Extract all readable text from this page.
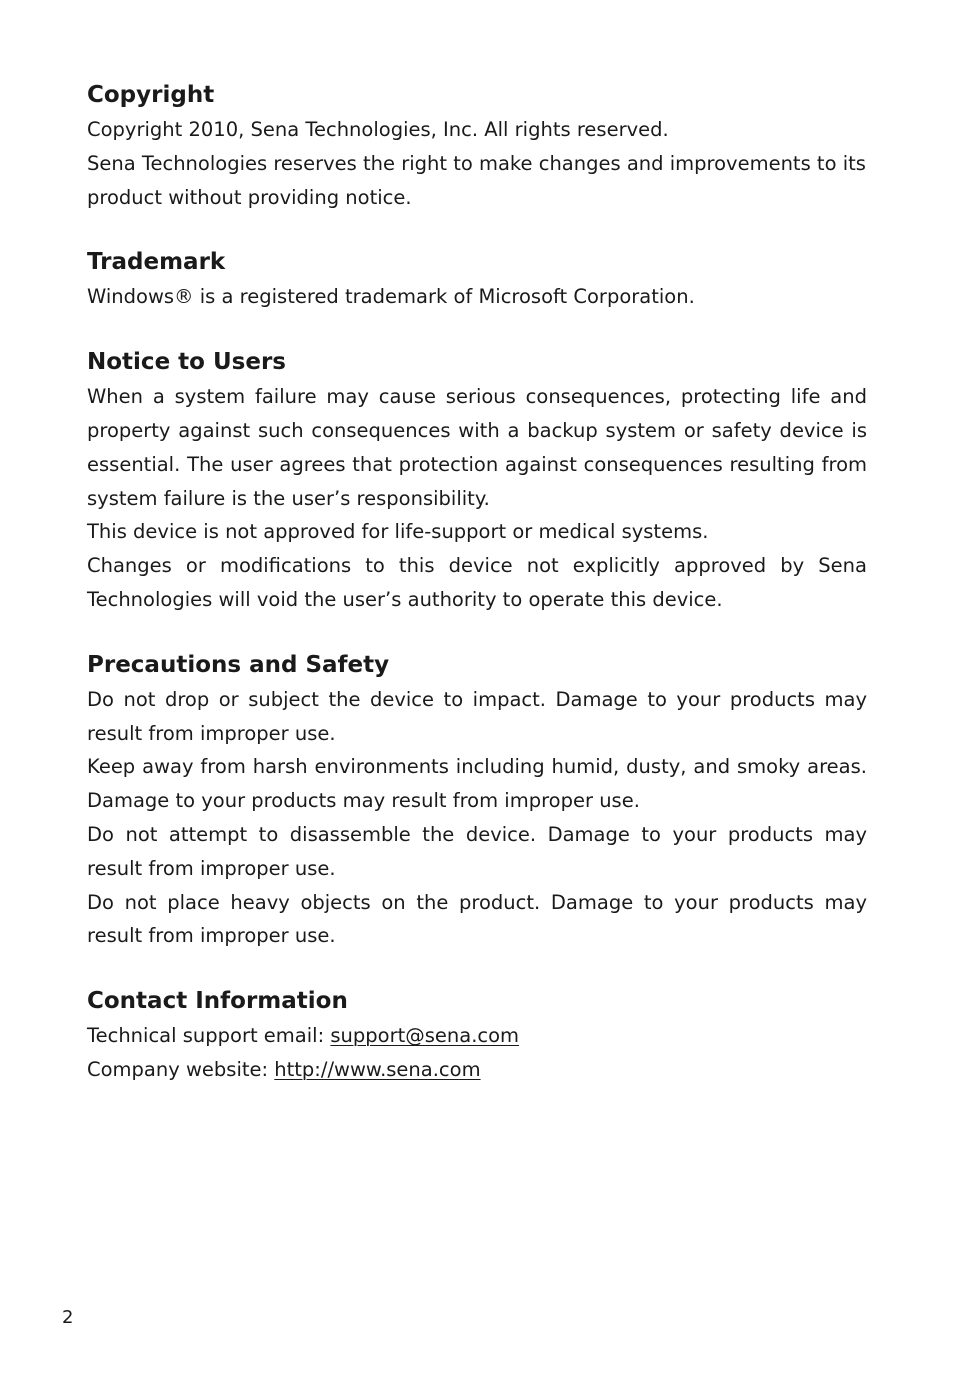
Copyright

Copyright 2010, Sena Technologies, Inc. All rights reserved.

Sena Technologies reserves the right to make changes and improvements to its product without providing notice.

Trademark

Windows® is a registered trademark of Microsoft Corporation.

Notice to Users

When a system failure may cause serious consequences, protecting life and property against such consequences with a backup system or safety device is essential. The user agrees that protection against consequences resulting from system failure is the user’s responsibility.

This device is not approved for life-support or medical systems.

Changes or modifications to this device not explicitly approved by Sena Technologies will void the user’s authority to operate this device.

Precautions and Safety

Do not drop or subject the device to impact. Damage to your products may result from improper use.

Keep away from harsh environments including humid, dusty, and smoky areas. Damage to your products may result from improper use.

Do not attempt to disassemble the device. Damage to your products may result from improper use.

Do not place heavy objects on the product. Damage to your products may result from improper use.

Contact Information

Technical support email: support@sena.com

Company website: http://www.sena.com

2
